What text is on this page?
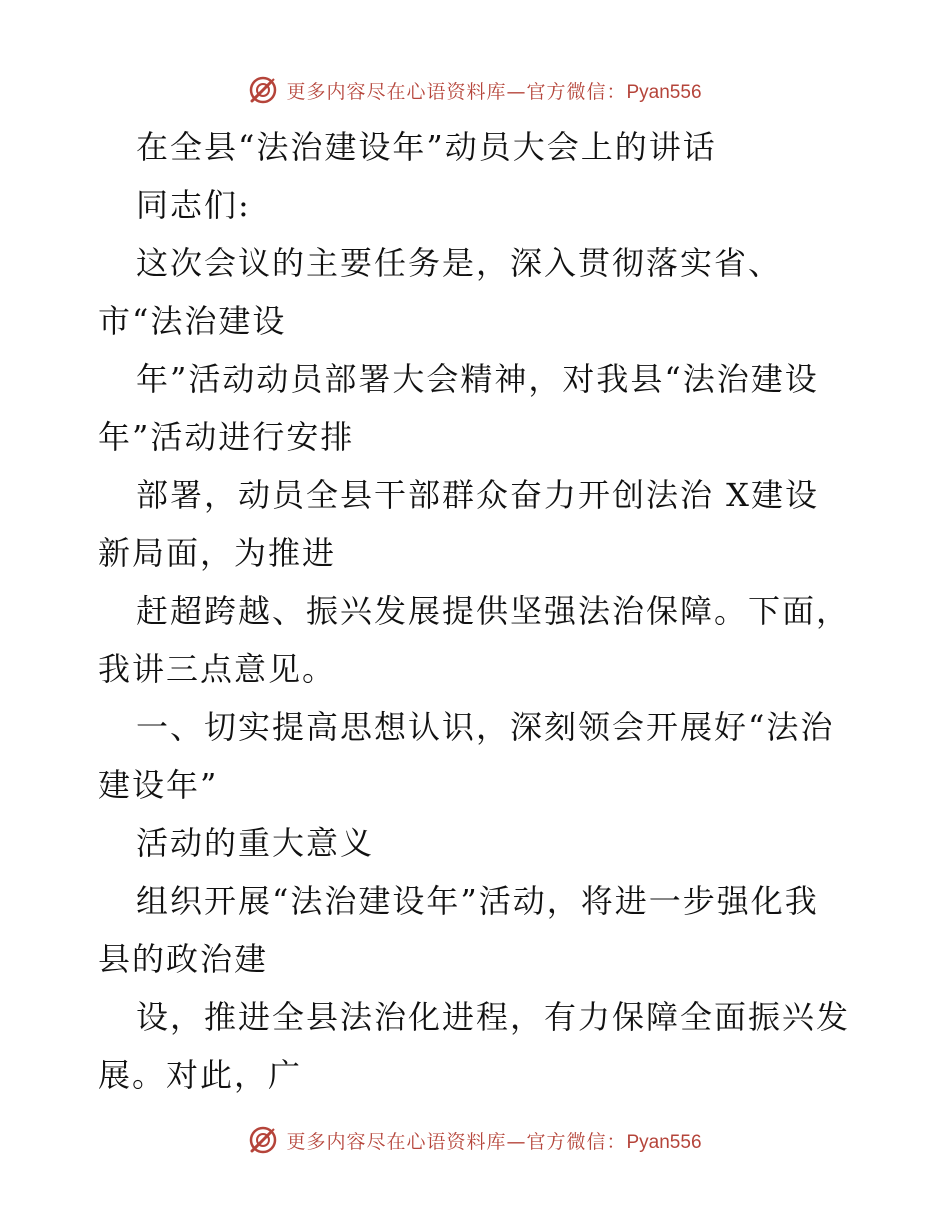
更多内容尽在心语资料库—官方微信：Pyan556
在全县“法治建设年”动员大会上的讲话
同志们:
这次会议的主要任务是，深入贯彻落实省、
市“法治建设
年”活动动员部署大会精神，对我县“法治建设
年”活动进行安排
部署，动员全县干部群众奋力开创法治 X建设
新局面，为推进
赶超跨越、振兴发展提供坚强法治保障。下面，
我讲三点意见。
一、切实提高思想认识，深刻领会开展好“法治
建设年”
活动的重大意义
组织开展“法治建设年”活动，将进一步强化我
县的政治建
设，推进全县法治化进程，有力保障全面振兴发
展。对此，广
更多内容尽在心语资料库—官方微信：Pyan556
